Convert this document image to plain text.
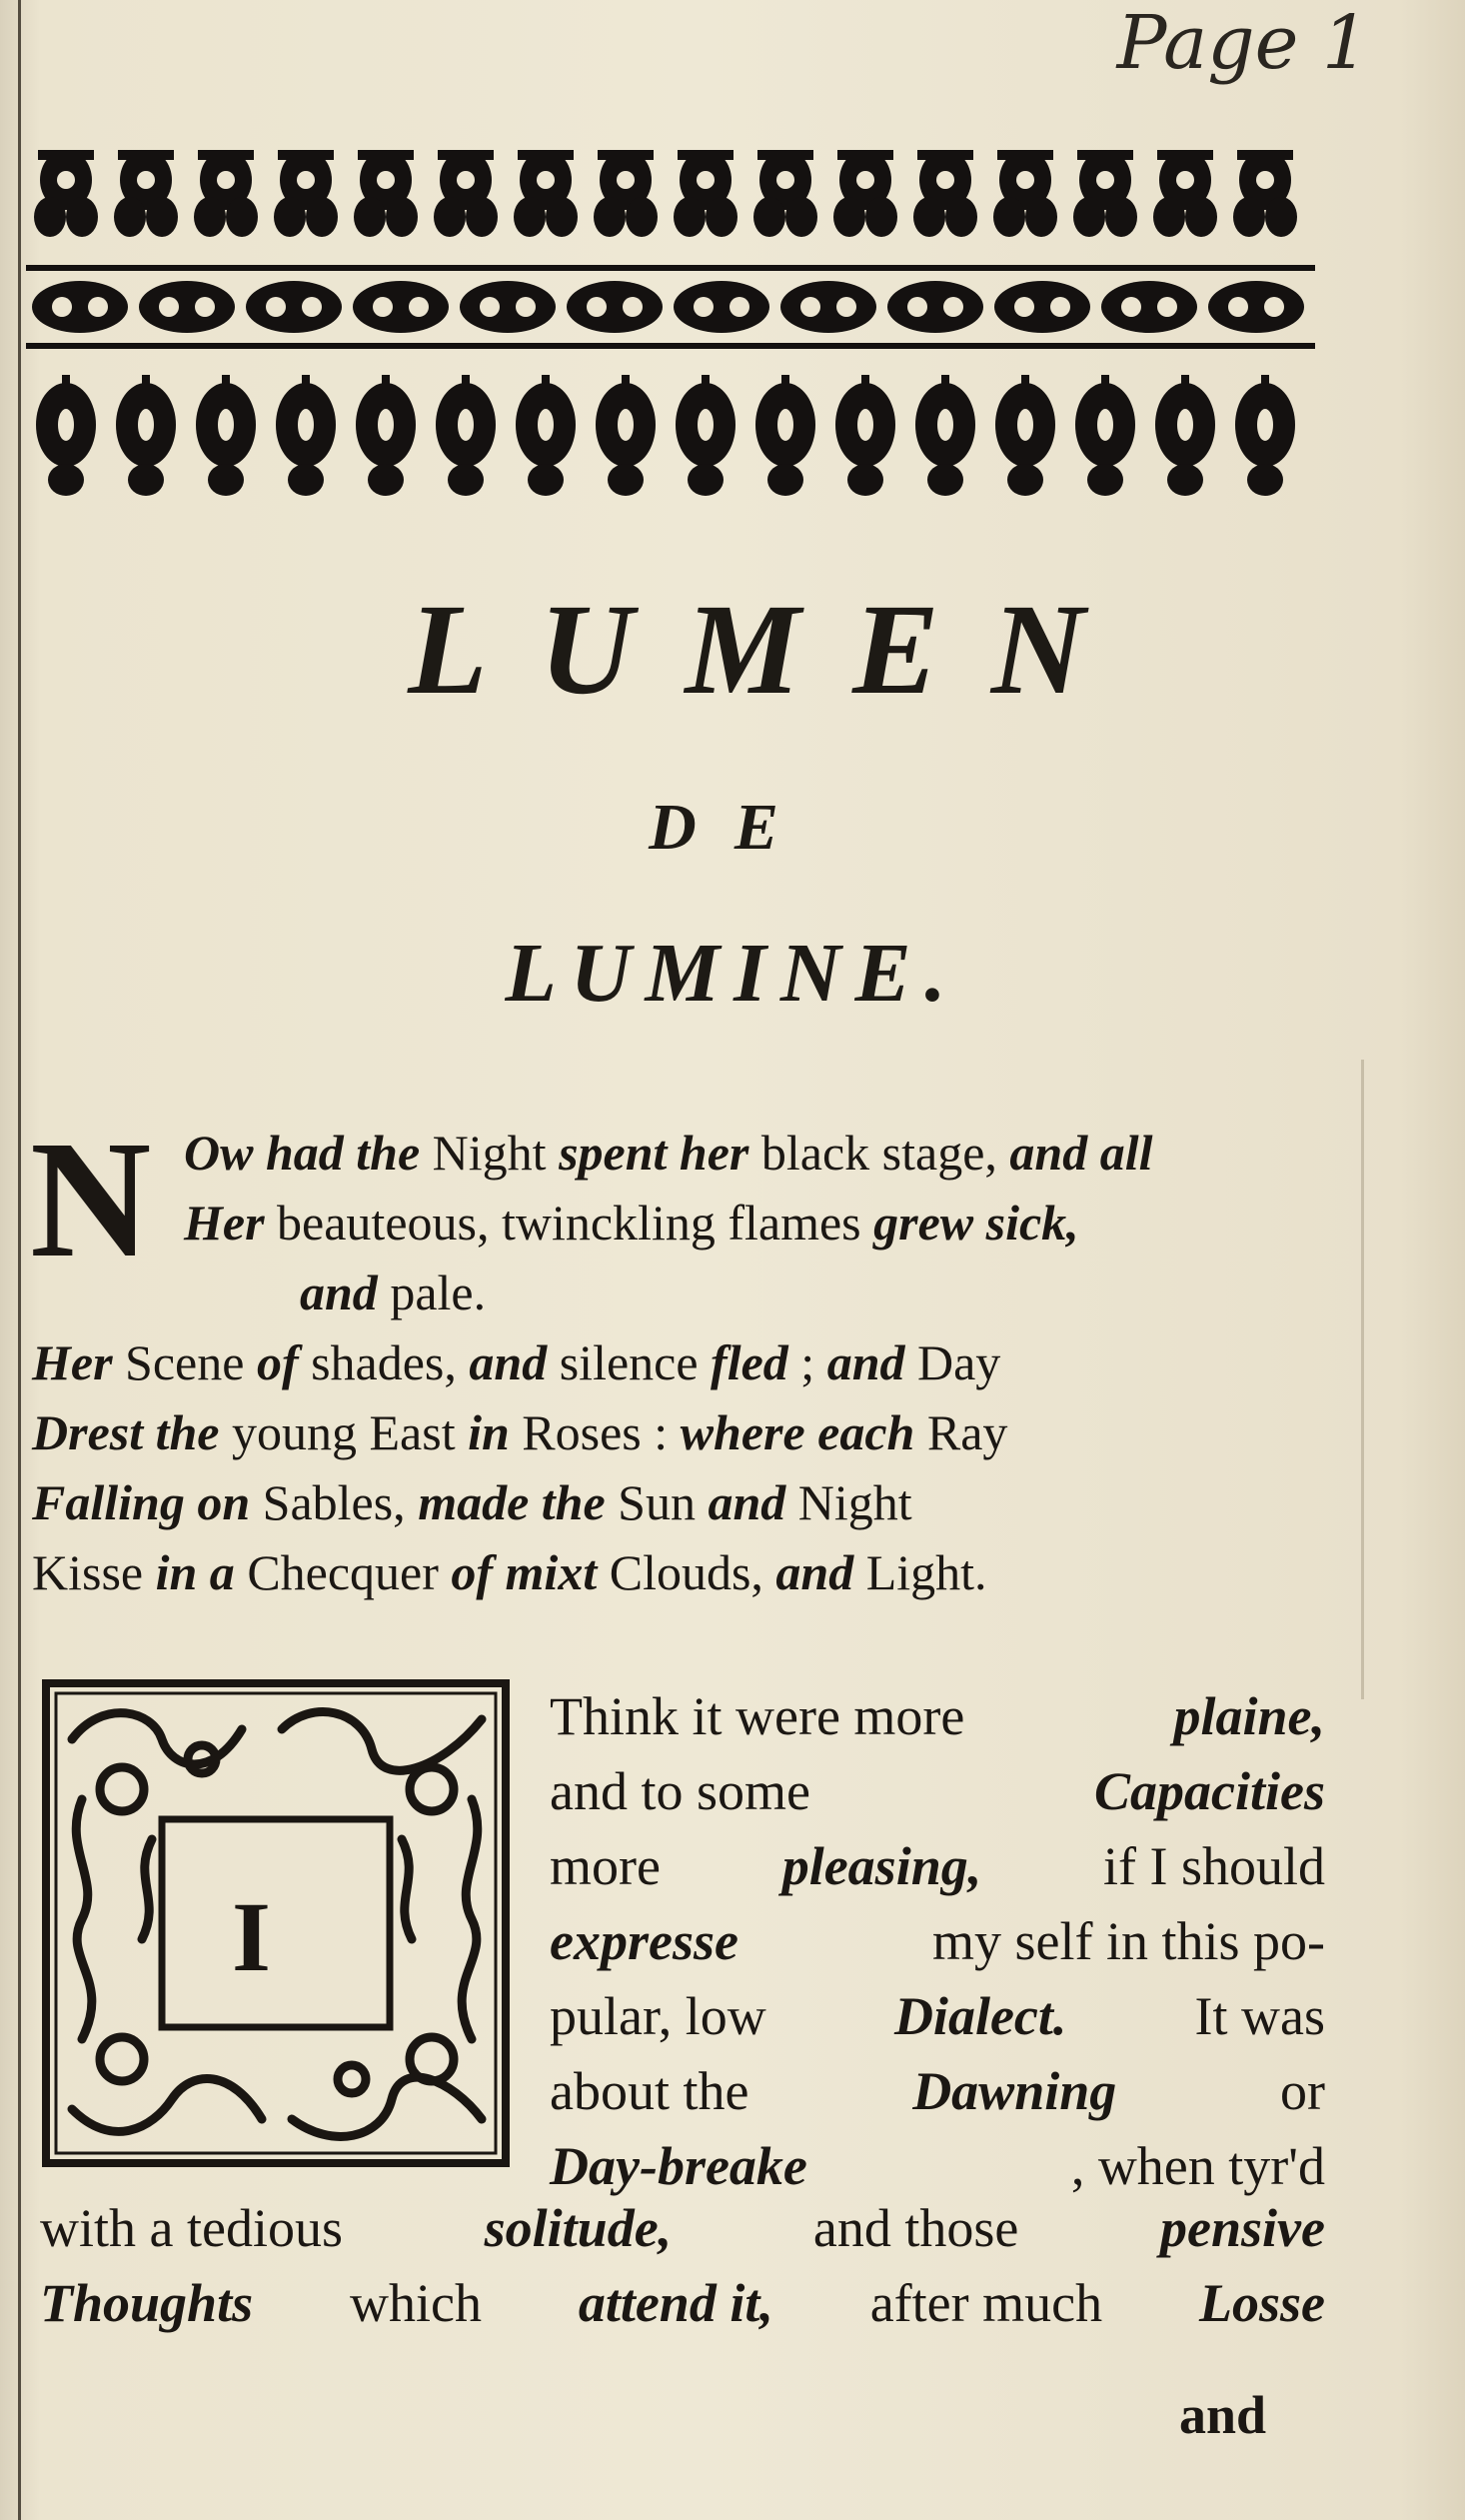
Page 1
LUMEN
DE
LUMINE.
N Ow had the Night spent her black stage, and all
Her beauteous, twinckling flames grew sick,
and pale.
Her Scene of shades, and silence fled ; and Day
Drest the young East in Roses : where each Ray
Falling on Sables, made the Sun and Night
Kisse in a Checquer of mixt Clouds, and Light.
I
Think it were more	plaine,
and to some	Capacities
more pleasing, if I should
expresse	my self in this po-
pular, low Dialect. It was
about the	Dawning	or
Day-breake	, when tyr'd
with a tedious	solitude,	and those	pensive
Thoughts which attend it, after much Losse
and
